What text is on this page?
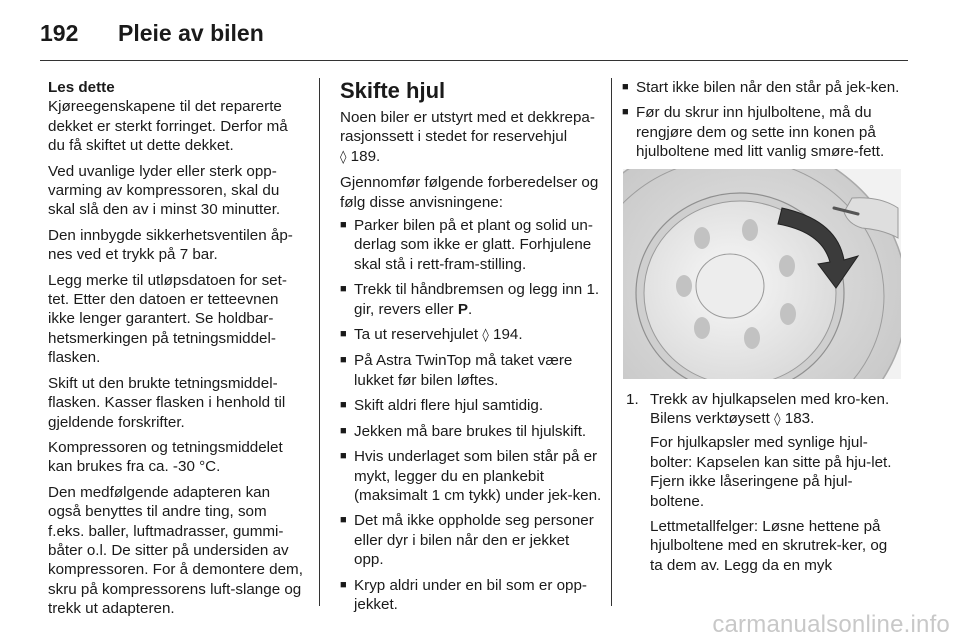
192 Pleie av bilen

Les dette

Kjøreegenskapene til det reparerte dekket er sterkt forringet. Derfor må du få skiftet ut dette dekket.

Ved uvanlige lyder eller sterk opp-varming av kompressoren, skal du skal slå den av i minst 30 minutter.

Den innbygde sikkerhetsventilen åp-nes ved et trykk på 7 bar.

Legg merke til utløpsdatoen for set-tet. Etter den datoen er tetteevnen ikke lenger garantert. Se holdbar-hetsmerkingen på tetningsmiddel-flasken.

Skift ut den brukte tetningsmiddel-flasken. Kasser flasken i henhold til gjeldende forskrifter.

Kompressoren og tetningsmiddelet kan brukes fra ca. -30 °C.

Den medfølgende adapteren kan også benyttes til andre ting, som f.eks. baller, luftmadrasser, gummi-båter o.l. De sitter på undersiden av kompressoren. For å demontere dem, skru på kompressorens luft-slange og trekk ut adapteren.

Skifte hjul

Noen biler er utstyrt med et dekkrepa-rasjonssett i stedet for reservehjul
◊ 189.

Gjennomfør følgende forberedelser og følg disse anvisningene:

■ Parker bilen på et plant og solid un-derlag som ikke er glatt. Forhjulene skal stå i rett-fram-stilling.
■ Trekk til håndbremsen og legg inn 1. gir, revers eller P.
■ Ta ut reservehjulet ◊ 194.
■ På Astra TwinTop må taket være lukket før bilen løftes.
■ Skift aldri flere hjul samtidig.
■ Jekken må bare brukes til hjulskift.
■ Hvis underlaget som bilen står på er mykt, legger du en plankebit (maksimalt 1 cm tykk) under jek-ken.
■ Det må ikke oppholde seg personer eller dyr i bilen når den er jekket opp.
■ Kryp aldri under en bil som er opp-jekket.
■ Start ikke bilen når den står på jek-ken.
■ Før du skrur inn hjulboltene, må du rengjøre dem og sette inn konen på hjulboltene med litt vanlig smøre-fett.
1. Trekk av hjulkapselen med kro-ken. Bilens verktøysett ◊ 183.

For hjulkapsler med synlige hjul-bolter: Kapselen kan sitte på hju-let. Fjern ikke låseringene på hjul-boltene.

Lettmetallfelger: Løsne hettene på hjulboltene med en skrutrek-ker, og ta dem av. Legg da en myk

carmanualsonline.info
